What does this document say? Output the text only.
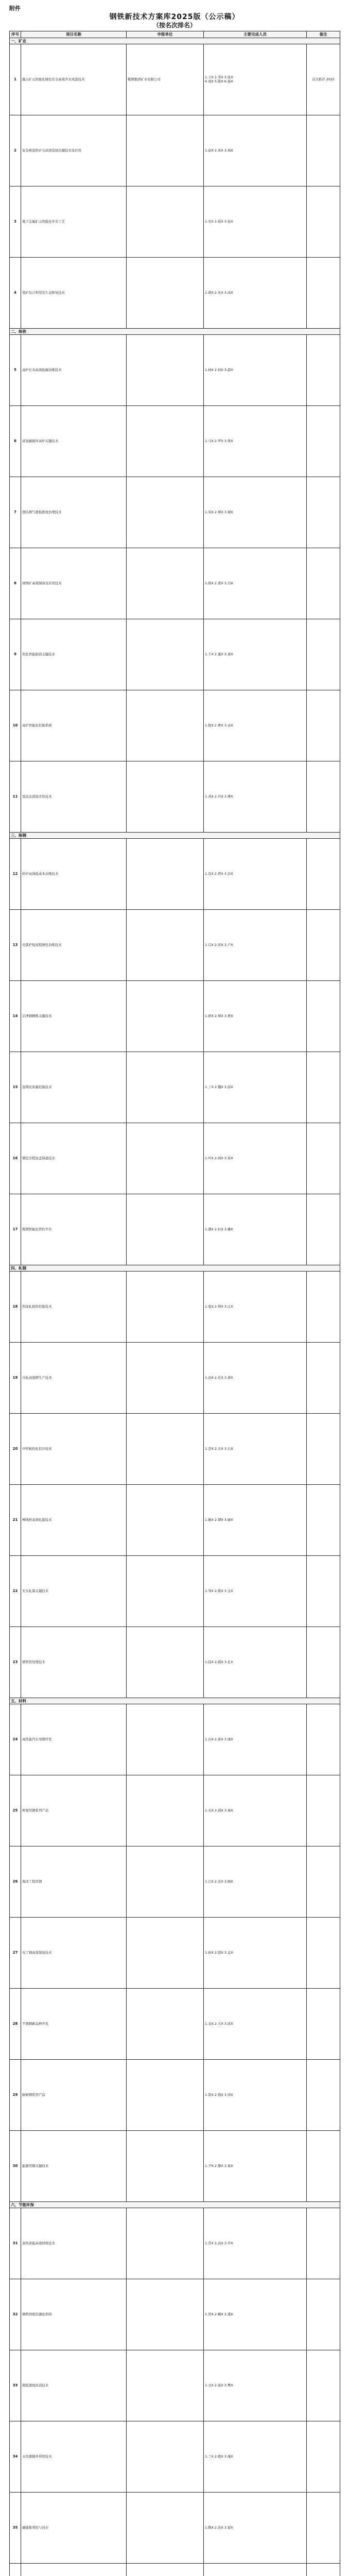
附件
钢铁新技术方案库2025版（公示稿）
（按名次排名）
序号	项目名称	申报单位	主要完成人员	备注
一、矿业				
1	露天矿山智能化绿色安全高效开采成套技术	鞍钢集团矿业有限公司	1.王X 2.李X 3.张X
4.刘X 5.陈X 6.杨X	首次推荐 2025
2	复杂难选铁矿石高效选别关键技术及应用		1.赵X 2.黄X 3.周X	
3	地下金属矿山智能化开采工艺		1.吴X 2.徐X 3.孙X	
4	尾矿综合利用及生态修复技术		1.胡X 2.朱X 3.高X	
二、炼铁				
5	高炉长寿高效低碳冶炼技术		1.林X 2.何X 3.郭X	
6	富氢碳循环高炉关键技术		1.马X 2.罗X 3.梁X	
7	烧结烟气超低排放治理技术		1.宋X 2.郑X 3.谢X	
8	球团矿高效制备及应用技术		1.韩X 2.唐X 3.冯X	
9	焦化智能制造关键技术		1.于X 2.董X 3.萧X	
10	高炉智能化控制系统		1.程X 2.曹X 3.袁X	
11	氢冶金直接还原技术		1.邓X 2.许X 3.傅X	
三、炼钢				
12	转炉高效低成本冶炼技术		1.沈X 2.曾X 3.彭X	
13	电弧炉短流程绿色冶炼技术		1.吕X 2.苏X 3.卢X	
14	洁净钢精炼关键技术		1.蒋X 2.蔡X 3.贾X	
15	连铸坯质量控制技术		1.丁X 2.魏X 3.薛X	
16	钢包全程加盖保温技术		1.叶X 2.阎X 3.余X	
17	炼钢智能化管控平台		1.潘X 2.杜X 3.戴X	
四、轧钢				
18	热连轧板形控制技术		1.夏X 2.钟X 3.汪X	
19	冷轧高强钢生产技术		1.田X 2.任X 3.姜X	
20	中厚板控轧控冷技术		1.范X 2.方X 3.石X	
21	棒线材高效轧制技术		1.姚X 2.谭X 3.廖X	
22	无头轧制关键技术		1.邹X 2.熊X 3.金X	
23	钢管热处理技术		1.陆X 2.郝X 3.孔X	
五、材料				
24	高性能汽车用钢开发		1.白X 2.崔X 3.康X	
25	桥梁用钢系列产品		1.毛X 2.邱X 3.秦X	
26	海洋工程用钢		1.江X 2.史X 3.顾X	
27	电工钢高效制备技术		1.侯X 2.邵X 3.孟X	
28	不锈钢新品种开发		1.龙X 2.万X 3.段X	
29	耐候钢系列产品		1.雷X 2.钱X 3.汤X	
30	能源用钢关键技术		1.尹X 2.黎X 3.易X	
六、节能环保				
31	余热余能高效回收技术		1.常X 2.武X 3.乔X	
32	钢铁固废资源化利用		1.贺X 2.赖X 3.龚X	
33	超低排放改造技术		1.文X 2.庞X 3.樊X	
34	水资源循环利用技术		1.兰X 2.殷X 3.施X	
35	碳捕集利用与封存		1.陶X 2.洪X 3.翟X	
